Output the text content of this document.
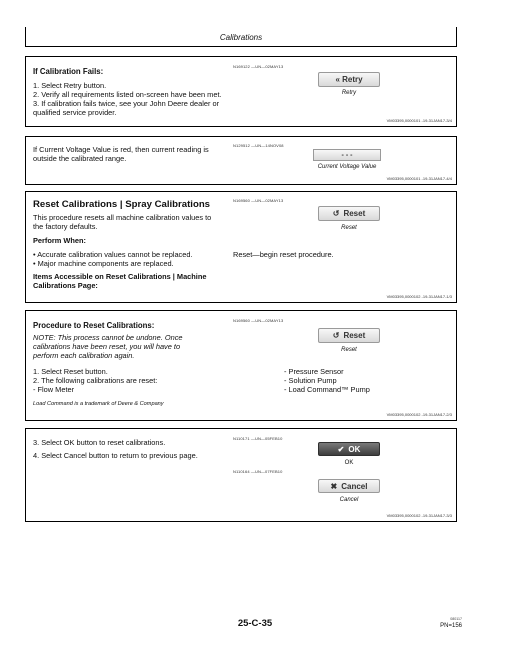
Calibrations
If Calibration Fails:
1. Select Retry button.
2. Verify all requirements listed on-screen have been met.
3. If calibration fails twice, see your John Deere dealer or
qualified service provider.
N169122 —UN—02MAY13
« Retry
Retry
VM03395,0000101 -19-31JAN17-3/4
If Current Voltage Value is red, then current reading is
outside the calibrated range.
N129512 —UN—14NOV08
- - -
Current Voltage Value
VM03395,0000101 -19-31JAN17-4/4
Reset Calibrations | Spray Calibrations
This procedure resets all machine calibration values to
the factory defaults.
Perform When:
• Accurate calibration values cannot be replaced.
• Major machine components are replaced.
Items Accessible on Reset Calibrations | Machine
Calibrations Page:
N169560 —UN—02MAY13
↺ Reset
Reset
Reset—begin reset procedure.
VM03395,0000102 -19-31JAN17-1/3
Procedure to Reset Calibrations:
NOTE: This process cannot be undone. Once
calibrations have been reset, you will have to
perform each calibration again.
1. Select Reset button.
2. The following calibrations are reset:
- Flow Meter
Load Command is a trademark of Deere & Company
N169560 —UN—02MAY13
↺ Reset
Reset
- Pressure Sensor
- Solution Pump
- Load Command™ Pump
VM03395,0000102 -19-31JAN17-2/3
3. Select OK button to reset calibrations.
4. Select Cancel button to return to previous page.
N110171 —UN—05FEB10
✔ OK
OK
N110164 —UN—07FEB10
✖ Cancel
Cancel
VM03395,0000102 -19-31JAN17-3/3
25-C-35	080117
PN=156
